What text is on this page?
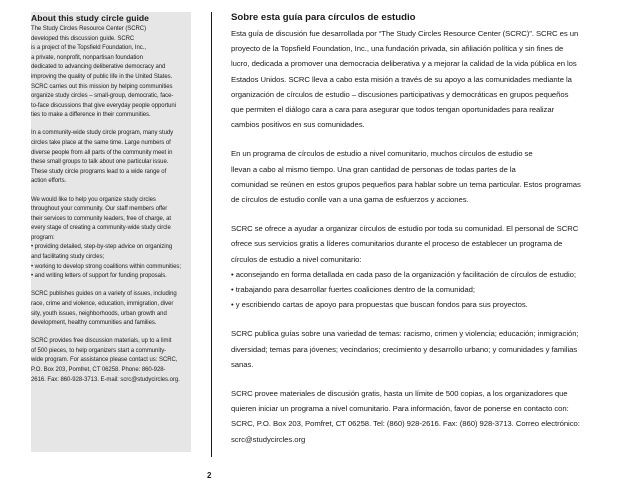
About this study circle guide
The Study Circles Resource Center (SCRC)
developed this discussion guide. SCRC
is a project of the Topsfield Foundation, Inc.,
a private, nonprofit, nonpartisan foundation
dedicated to advancing deliberative democracy and
improving the quality of public life in the United States.
SCRC carries out this mission by helping communities
organize study circles – small-group, democratic, face-
to-face discussions that give everyday people opportuni
ties to make a difference in their communities.
In a community-wide study circle program, many study
circles take place at the same time. Large numbers of
diverse people from all parts of the community meet in
these small groups to talk about one particular issue.
These study circle programs lead to a wide range of
action efforts.
We would like to help you organize study circles
throughout your community. Our staff members offer
their services to community leaders, free of charge, at
every stage of creating a community-wide study circle
program:
• providing detailed, step-by-step advice on organizing
and facilitating study circles;
• working to develop strong coalitions within communities;
• and writing letters of support for funding proposals.
SCRC publishes guides on a variety of issues, including
race, crime and violence, education, immigration, diver
sity, youth issues, neighborhoods, urban growth and
development, healthy communities and families.
SCRC provides free discussion materials, up to a limit
of 500 pieces, to help organizers start a community-
wide program. For assistance please contact us: SCRC,
P.O. Box 203, Pomfret, CT 06258. Phone: 860-928-
2616. Fax: 860-928-3713. E-mail: scrc@studycircles.org.
Sobre esta guía para círculos de estudio
Esta guía de discusión fue desarrollada por “The Study Circles Resource Center (SCRC)”. SCRC es un
proyecto de la Topsfield Foundation, Inc., una fundación privada, sin afiliación política y sin fines de
lucro, dedicada a promover una democracia deliberativa y a mejorar la calidad de la vida pública en los
Estados Unidos. SCRC lleva a cabo esta misión a través de su apoyo a las comunidades mediante la
organización de círculos de estudio – discusiones participativas y democráticas en grupos pequeños
que permiten el diálogo cara a cara para asegurar que todos tengan oportunidades para realizar
cambios positivos en sus comunidades.
En un programa de círculos de estudio a nivel comunitario, muchos círculos de estudio se
llevan a cabo al mismo tiempo. Una gran cantidad de personas de todas partes de la
comunidad se reúnen en estos grupos pequeños para hablar sobre un tema particular. Estos programas
de círculos de estudio conlle van a una gama de esfuerzos y acciones.
SCRC se ofrece a ayudar a organizar círculos de estudio por toda su comunidad. El personal de SCRC
ofrece sus servicios gratis a líderes comunitarios durante el proceso de establecer un programa de
círculos de estudio a nivel comunitario:
• aconsejando en forma detallada en cada paso de la organización y facilitación de círculos de estudio;
• trabajando para desarrollar fuertes coaliciones dentro de la comunidad;
• y escribiendo cartas de apoyo para propuestas que buscan fondos para sus proyectos.
SCRC publica guías sobre una variedad de temas: racismo, crimen y violencia; educación; inmigración;
diversidad; temas para jóvenes; vecindarios; crecimiento y desarrollo urbano; y comunidades y familias
sanas.
SCRC provee materiales de discusión gratis, hasta un límite de 500 copias, a los organizadores que
quieren iniciar un programa a nivel comunitario. Para información, favor de ponerse en contacto con:
SCRC, P.O. Box 203, Pomfret, CT 06258. Tel: (860) 928-2616. Fax: (860) 928-3713. Correo electrónico:
scrc@studycircles.org
2
